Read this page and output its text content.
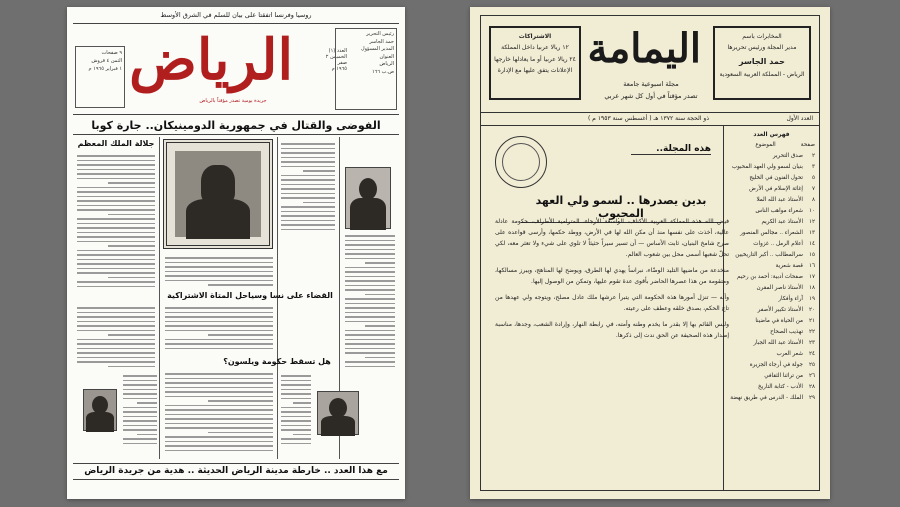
روسيا وفرنسا اتفقتا على بيان للسلم في الشرق الأوسط
٩ صفحات
الثمن ٤ قروش
١ فبراير ١٩٦٥ م الرياض	العدد (١)
الخميس ٢ صفر
١٩٦٥ م
رئيس التحرير
حمد الجاسر
المدير المسؤول
العنوان
الرياض
ص.ب ١٦٦
جريدة يومية تصدر مؤقتاً بالرياض
الفوضى والقتال في جمهورية الدومينيكان.. جارة كوبا
جلالة الملك المعظم
القضاء على نسا وسياحل المتاة الاشتراكية
هل تسقط حكومة ويلسون؟
مع هذا العدد .. خارطة مدينة الرياض الحديثة .. هدية من جريدة الرياض
الاشتراكات
١٢ ريالا عربيا داخل المملكة
٢٤ ريالا عربيا أو ما يعادلها خارجها
الإعلانات يتفق عليها مع الإدارة اليمامة
مجلة اسبوعية جامعة
تصدر مؤقتاً في أول كل شهر عربي
المخابرات باسم
مدير المجلة ورئيس تحريرها
حمد الجاسر
الرياض - المملكة العربية السعودية
العدد الأول
ذو الحجة سنة ١٣٧٢ هـ ( أغسطس سنة ١٩٥٣ م )
فهرس العدد
صفحة
الموضوع
٢
صدق التحرير
٣
بنيان لسمو ولي العهد المحبوب
٥
تحول الفنون في الخليج
٧
إغاثة الإسلام في الأرض
٨
الأستاذ عبد الله الملا
١٠
شعراء مواهب الناس
١٢
الأستاذ عبد الكريم
١٣
الشعراء .. مجالس المنصور
١٤
أعلام الرمل .. غزوات
١٥
سرالمطالب .. أكبر التاريخيين
١٦
قصة شعرية
١٧
صفحات أدبية: أحمد بن رحيم
١٨
الأستاذ ناصر المقرن
١٩
آراء وأفكار
٢٠
الأستاذ تكبير الأصفر
٢١
من الحياة في ماضينا
٢٢
تهذيب الصحاح
٢٣
الأستاذ عبد الله الجبار
٢٤
شعر العرب
٢٥
جولة في أرجاء الجزيرة
٢٦
من تراثنا الثقافي
٢٨
الأدب - كتابة التاريخ
٢٩
الملك - الدرس في طريق نهضة
هذه المجلة..
بدين يصدرها .. لسمو ولي العهد المحبوب

فيض الله هذه المملكة العربية الأكناف، الواسعة الأرجاء، المترامية الأطراف، حكومة عادلة عالية، أخذت على نفسها منذ أن مكن الله لها في الأرض، ووطد حكمها، وأرسى قواعده على صرح شامخ البنيان، ثابت الأساس — أن تسير سيراً حثيثاً لا تلوي على شيء ولا تعثر معه، لكي تحلّ شعبها أسمى محل بين شعوب العالم.

منخدعة من ماضيها التليد الوضّاء، نبراساً يهدي لها الطرق، ويوضح لها المناهج، ويبرز مسالكها، ومتقومة من هذا عصرها الحاضر بأقوى عدة تقوم عليها، وتمكن من الوصول إليها.

وأنه — تنزل أمورها هذه الحكومة التي يتبرأ عرشها ملك عادل مصلح، ويتوجه ولي عهدها من تاج الحكم، بصدق خلقه وعطف على رعيته.

وليس القائم بها إلا بقدر ما يخدم وطنه وأمته، في رابطة النهار، وإرادة الشعب، وجدها، مناسبة إصدار هذه الصحيفة عن الحق ندت إلى ذكرها.
